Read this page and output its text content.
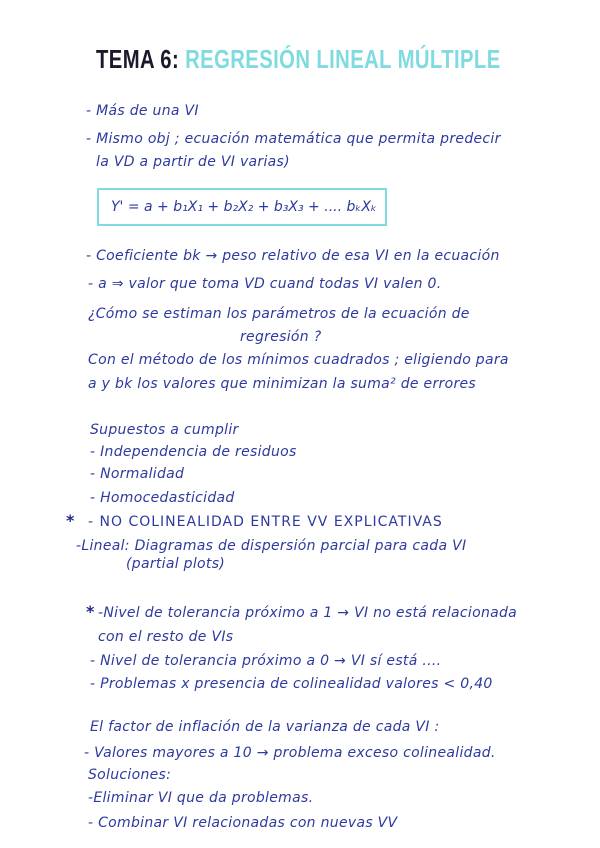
TEMA 6: REGRESIÓN LINEAL MÚLTIPLE
- Más de una VI
- Mismo obj ; ecuación matemática que permita predecir
la VD a partir de VI varias)
Y' = a + b₁X₁ + b₂X₂ + b₃X₃ + .... bₖXₖ
- Coeficiente bk → peso relativo de esa VI en la ecuación
- a ⇒ valor que toma VD cuand todas VI valen 0.
¿Cómo se estiman los parámetros de la ecuación de
regresión ?
Con el método de los mínimos cuadrados ; eligiendo para
a y bk los valores que minimizan la suma² de errores
Supuestos a cumplir
- Independencia de residuos
- Normalidad
- Homocedasticidad
* - NO COLINEALIDAD ENTRE VV EXPLICATIVAS
-Lineal: Diagramas de dispersión parcial para cada VI
(partial plots)
* -Nivel de tolerancia próximo a 1 → VI no está relacionada
con el resto de VIs
- Nivel de tolerancia próximo a 0 → VI sí está ....
- Problemas x presencia de colinealidad valores < 0,40
El factor de inflación de la varianza de cada VI :
- Valores mayores a 10 → problema exceso colinealidad.
Soluciones:
-Eliminar VI que da problemas.
- Combinar VI relacionadas con nuevas VV
